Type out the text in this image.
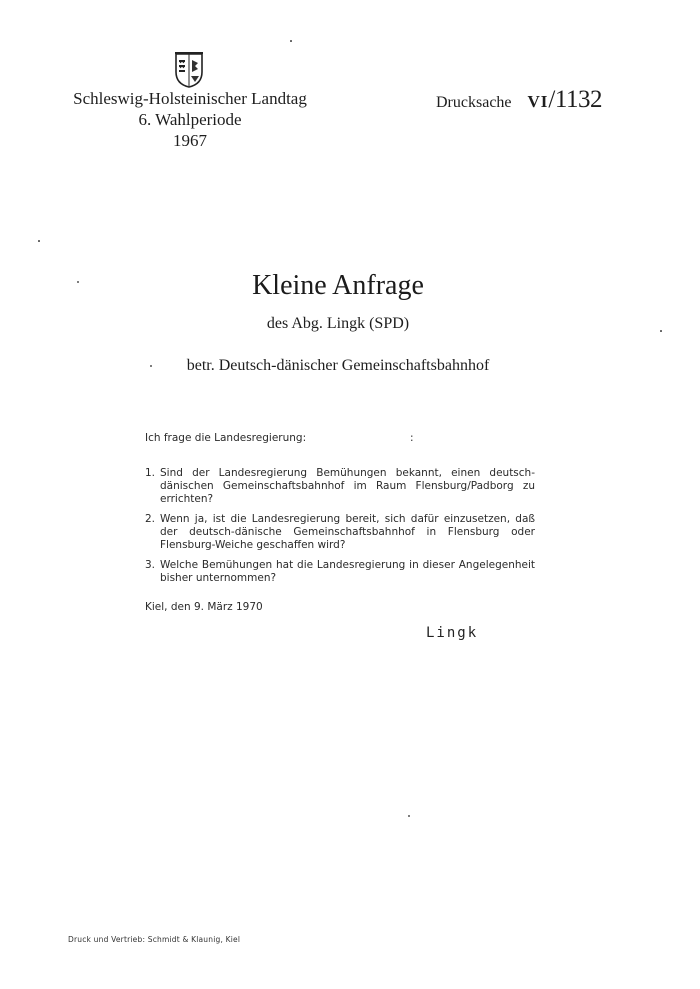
Schleswig-Holsteinischer Landtag
6. Wahlperiode
1967
Drucksache VI/1132
Kleine Anfrage
des Abg. Lingk (SPD)
betr. Deutsch-dänischer Gemeinschaftsbahnhof
Ich frage die Landesregierung:	:
1. Sind der Landesregierung Bemühungen bekannt, einen deutsch-dänischen Gemeinschaftsbahnhof im Raum Flensburg/Padborg zu errichten?
2. Wenn ja, ist die Landesregierung bereit, sich dafür einzusetzen, daß der deutsch-dänische Gemeinschaftsbahnhof in Flensburg oder Flensburg-Weiche geschaffen wird?
3. Welche Bemühungen hat die Landesregierung in dieser Angelegenheit bisher unternommen?
Kiel, den 9. März 1970
Lingk
Druck und Vertrieb: Schmidt & Klaunig, Kiel
